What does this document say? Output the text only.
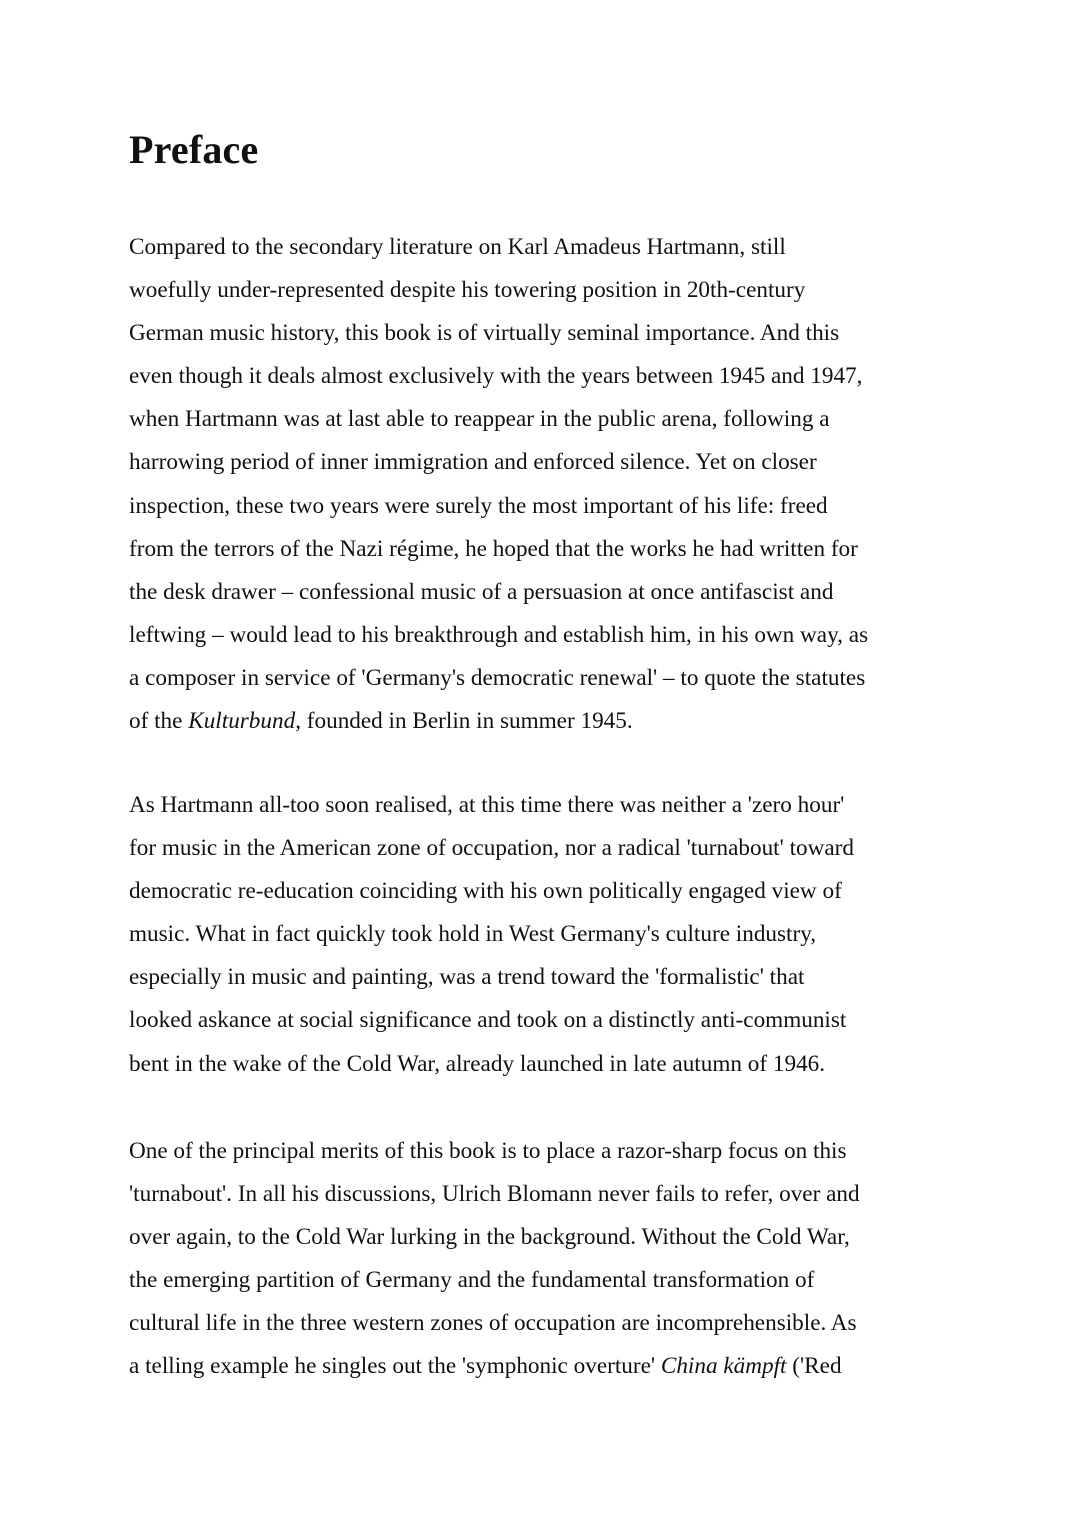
Preface

Compared to the secondary literature on Karl Amadeus Hartmann, still
woefully under-represented despite his towering position in 20th-century
German music history, this book is of virtually seminal importance. And this
even though it deals almost exclusively with the years between 1945 and 1947,
when Hartmann was at last able to reappear in the public arena, following a
harrowing period of inner immigration and enforced silence. Yet on closer
inspection, these two years were surely the most important of his life: freed
from the terrors of the Nazi régime, he hoped that the works he had written for
the desk drawer – confessional music of a persuasion at once antifascist and
leftwing – would lead to his breakthrough and establish him, in his own way, as
a composer in service of 'Germany's democratic renewal' – to quote the statutes
of the Kulturbund, founded in Berlin in summer 1945.

As Hartmann all-too soon realised, at this time there was neither a 'zero hour'
for music in the American zone of occupation, nor a radical 'turnabout' toward
democratic re-education coinciding with his own politically engaged view of
music. What in fact quickly took hold in West Germany's culture industry,
especially in music and painting, was a trend toward the 'formalistic' that
looked askance at social significance and took on a distinctly anti-communist
bent in the wake of the Cold War, already launched in late autumn of 1946.

One of the principal merits of this book is to place a razor-sharp focus on this
'turnabout'. In all his discussions, Ulrich Blomann never fails to refer, over and
over again, to the Cold War lurking in the background. Without the Cold War,
the emerging partition of Germany and the fundamental transformation of
cultural life in the three western zones of occupation are incomprehensible. As
a telling example he singles out the 'symphonic overture' China kämpft ('Red
